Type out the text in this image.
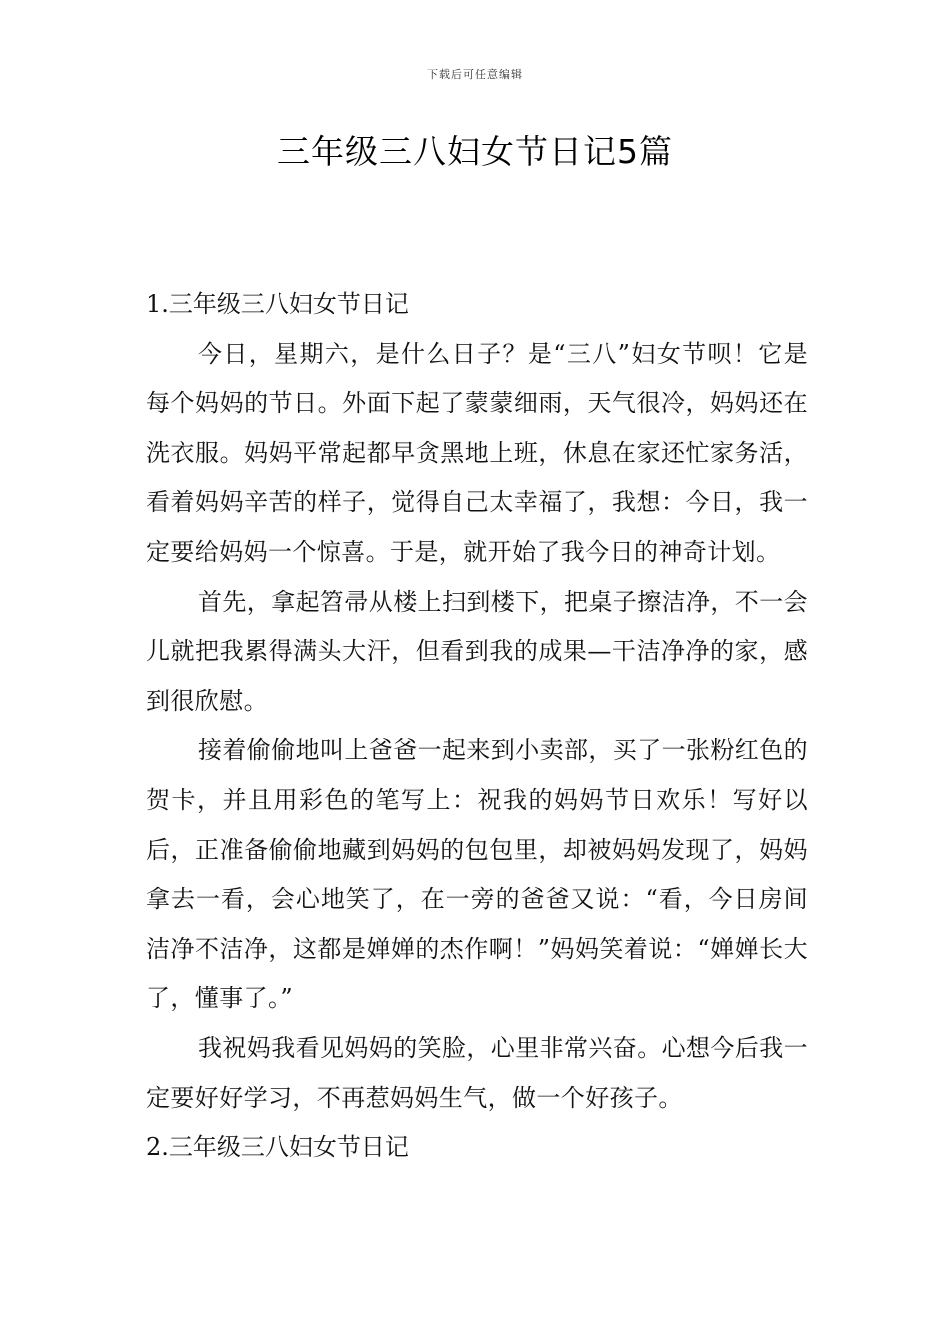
下载后可任意编辑
三年级三八妇女节日记5篇
1.三年级三八妇女节日记

今日，星期六，是什么日子？是“三八”妇女节呗！它是每个妈妈的节日。外面下起了蒙蒙细雨，天气很冷，妈妈还在洗衣服。妈妈平常起都早贪黑地上班，休息在家还忙家务活，看着妈妈辛苦的样子，觉得自己太幸福了，我想：今日，我一定要给妈妈一个惊喜。于是，就开始了我今日的神奇计划。

首先，拿起笤帚从楼上扫到楼下，把桌子擦洁净，不一会儿就把我累得满头大汗，但看到我的成果—干洁净净的家，感到很欣慰。

接着偷偷地叫上爸爸一起来到小卖部，买了一张粉红色的贺卡，并且用彩色的笔写上：祝我的妈妈节日欢乐！写好以后，正准备偷偷地藏到妈妈的包包里，却被妈妈发现了，妈妈拿去一看，会心地笑了，在一旁的爸爸又说：“看，今日房间洁净不洁净，这都是婵婵的杰作啊！”妈妈笑着说：“婵婵长大了，懂事了。”

我祝妈我看见妈妈的笑脸，心里非常兴奋。心想今后我一定要好好学习，不再惹妈妈生气，做一个好孩子。

2.三年级三八妇女节日记
